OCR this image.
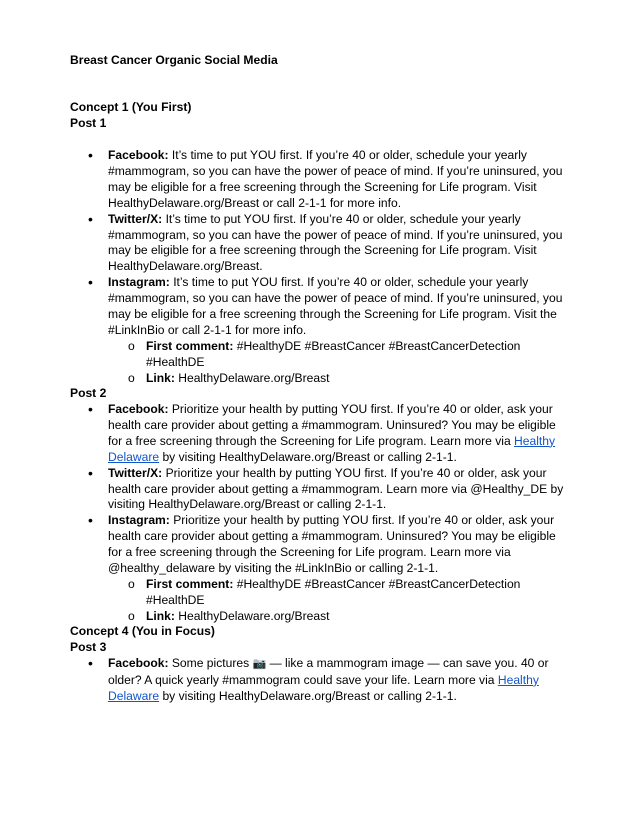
Breast Cancer Organic Social Media

Concept 1 (You First)

Post 1

• Facebook: It’s time to put YOU first. If you’re 40 or older, schedule your yearly #mammogram, so you can have the power of peace of mind. If you’re uninsured, you may be eligible for a free screening through the Screening for Life program. Visit HealthyDelaware.org/Breast or call 2-1-1 for more info.
• Twitter/X: It’s time to put YOU first. If you’re 40 or older, schedule your yearly #mammogram, so you can have the power of peace of mind. If you’re uninsured, you may be eligible for a free screening through the Screening for Life program. Visit HealthyDelaware.org/Breast.
• Instagram: It’s time to put YOU first. If you’re 40 or older, schedule your yearly #mammogram, so you can have the power of peace of mind. If you’re uninsured, you may be eligible for a free screening through the Screening for Life program. Visit the #LinkInBio or call 2-1-1 for more info.
o First comment: #HealthyDE #BreastCancer #BreastCancerDetection #HealthDE
o Link: HealthyDelaware.org/Breast

Post 2

• Facebook: Prioritize your health by putting YOU first. If you’re 40 or older, ask your health care provider about getting a #mammogram. Uninsured? You may be eligible for a free screening through the Screening for Life program. Learn more via Healthy Delaware by visiting HealthyDelaware.org/Breast or calling 2-1-1.
• Twitter/X: Prioritize your health by putting YOU first. If you’re 40 or older, ask your health care provider about getting a #mammogram. Learn more via @Healthy_DE by visiting HealthyDelaware.org/Breast or calling 2-1-1.
• Instagram: Prioritize your health by putting YOU first. If you’re 40 or older, ask your health care provider about getting a #mammogram. Uninsured? You may be eligible for a free screening through the Screening for Life program. Learn more via @healthy_delaware by visiting the #LinkInBio or calling 2-1-1.
o First comment: #HealthyDE #BreastCancer #BreastCancerDetection #HealthDE
o Link: HealthyDelaware.org/Breast

Concept 4 (You in Focus)

Post 3

• Facebook: Some pictures 📷 — like a mammogram image — can save you. 40 or older? A quick yearly #mammogram could save your life. Learn more via Healthy Delaware by visiting HealthyDelaware.org/Breast or calling 2-1-1.
